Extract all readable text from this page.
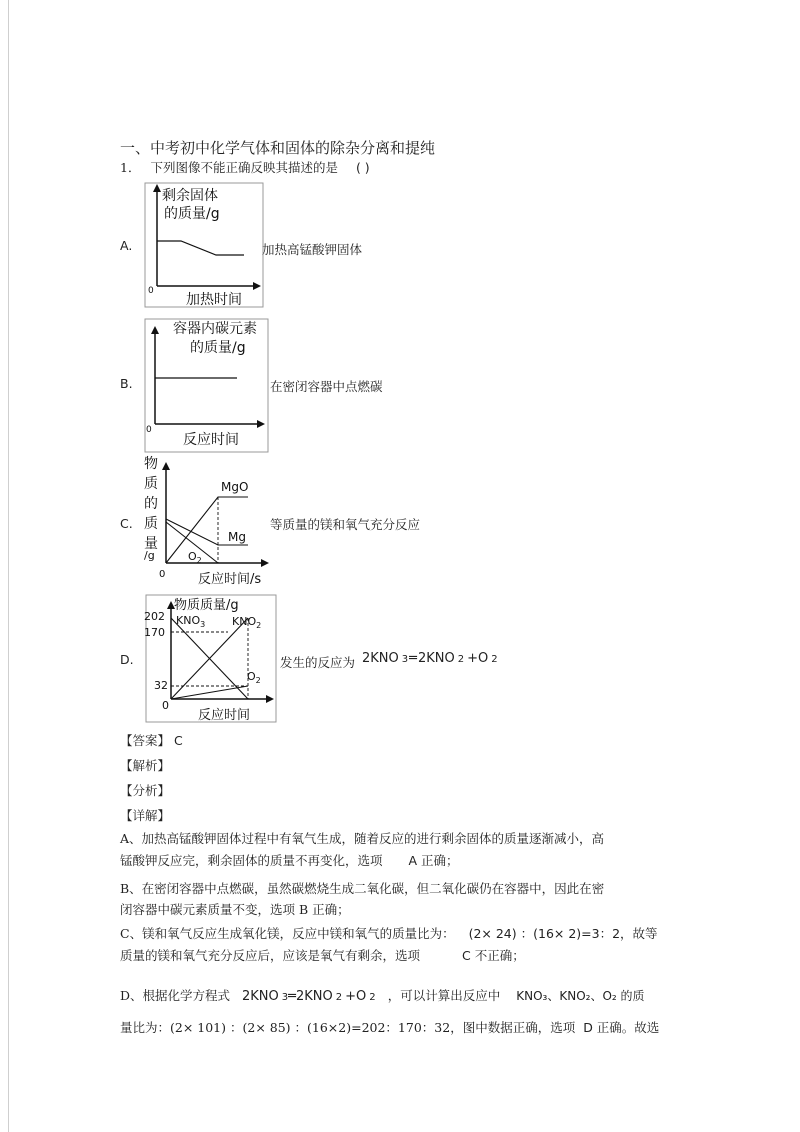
一、中考初中化学气体和固体的除杂分离和提纯
1． 下列图像不能正确反映其描述的是 ( )
A.
剩余固体
的质量/g
0
加热时间
加热高锰酸钾固体
B.
容器内碳元素
的质量/g
0
反应时间
在密闭容器中点燃碳
C.
物
质
的
质
量
/g
MgO
Mg
$O_2$
0	反应时间/s
等质量的镁和氧气充分反应
D.
物质质量/g
202
170
32
0
$KNO_3$ $KNO_2$
$O_2$
反应时间
发生的反应为 2KNO 3═2KNO 2 +O 2
【答案】 C
【解析】
【分析】
【详解】
A、加热高锰酸钾固体过程中有氧气生成，随着反应的进行剩余固体的质量逐渐减小，高
锰酸钾反应完，剩余固体的质量不再变化，选项 A 正确；
B、在密闭容器中点燃碳，虽然碳燃烧生成二氧化碳，但二氧化碳仍在容器中，因此在密
闭容器中碳元素质量不变，选项 B 正确；
C、镁和氧气反应生成氧化镁，反应中镁和氧气的质量比为： (2× 24) ：(16× 2)=3：2，故等
质量的镁和氧气充分反应后，应该是氧气有剩余，选项	C 不正确；
D、根据化学方程式 2KNO 3═2KNO 2 +O 2 ，可以计算出反应中 KNO₃、KNO₂、O₂ 的质
量比为：(2× 101) ：(2× 85) ：(16×2)=202：170：32，图中数据正确，选项 D 正确。故选
